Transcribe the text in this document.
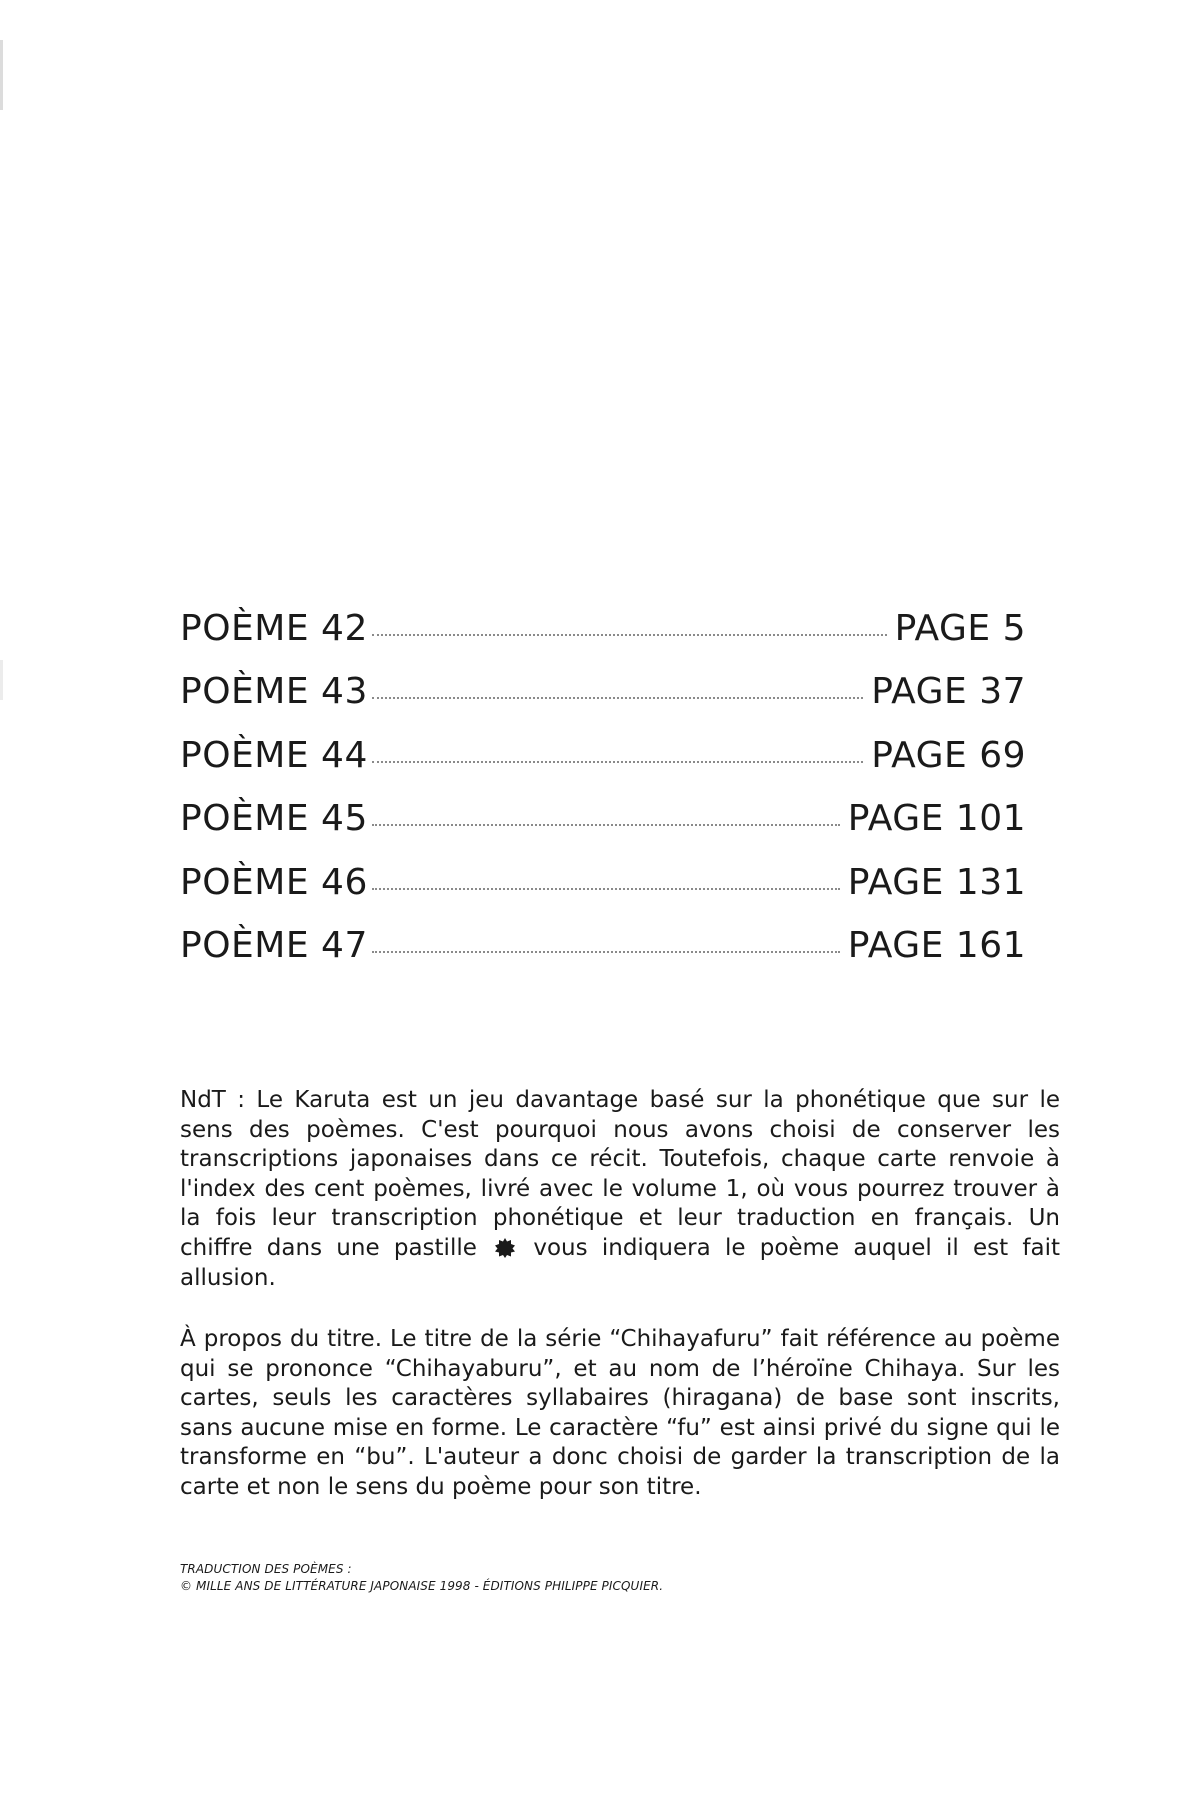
POÈME 42	PAGE 5
POÈME 43	PAGE 37
POÈME 44	PAGE 69
POÈME 45	PAGE 101
POÈME 46	PAGE 131
POÈME 47	PAGE 161
NdT : Le Karuta est un jeu davantage basé sur la phonétique que sur le sens des poèmes. C'est pourquoi nous avons choisi de conserver les transcriptions japonaises dans ce récit. Toutefois, chaque carte renvoie à l'index des cent poèmes, livré avec le volume 1, où vous pourrez trouver à la fois leur transcription phonétique et leur traduction en français. Un chiffre dans une pastille vous indiquera le poème auquel il est fait allusion.
À propos du titre. Le titre de la série “Chihayafuru” fait référence au poème qui se prononce “Chihayaburu”, et au nom de l’héroïne Chihaya. Sur les cartes, seuls les caractères syllabaires (hiragana) de base sont inscrits, sans aucune mise en forme. Le caractère “fu” est ainsi privé du signe qui le transforme en “bu”. L'auteur a donc choisi de garder la transcription de la carte et non le sens du poème pour son titre.
TRADUCTION DES POÈMES :
© MILLE ANS DE LITTÉRATURE JAPONAISE 1998 - ÉDITIONS PHILIPPE PICQUIER.
